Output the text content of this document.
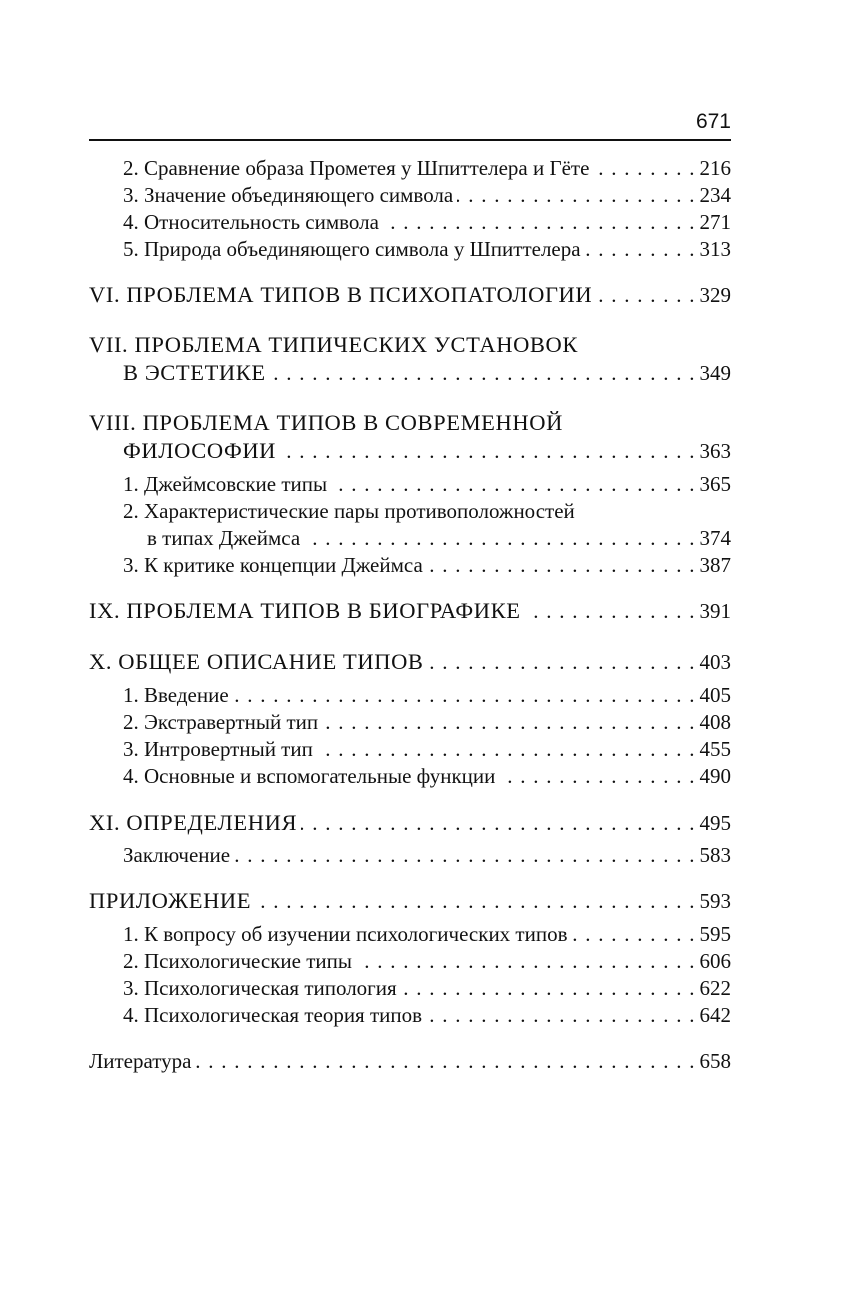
671
2. Сравнение образа Прометея у Шпиттелера и Гёте . . .	216
3. Значение объединяющего символа . . .	234
4. Относительность символа . . .	271
5. Природа объединяющего символа у Шпиттелера . . .	313
VI. ПРОБЛЕМА ТИПОВ В ПСИХОПАТОЛОГИИ . . .	329
VII. ПРОБЛЕМА ТИПИЧЕСКИХ УСТАНОВОК
В ЭСТЕТИКЕ . . .	349
VIII. ПРОБЛЕМА ТИПОВ В СОВРЕМЕННОЙ
ФИЛОСОФИИ . . .	363
1. Джеймсовские типы . . .	365
2. Характеристические пары противоположностей
в типах Джеймса . . .	374
3. К критике концепции Джеймса . . .	387
IX. ПРОБЛЕМА ТИПОВ В БИОГРАФИКЕ . . .	391
X. ОБЩЕЕ ОПИСАНИЕ ТИПОВ . . .	403
1. Введение . . .	405
2. Экстравертный тип . . .	408
3. Интровертный тип . . .	455
4. Основные и вспомогательные функции . . .	490
XI. ОПРЕДЕЛЕНИЯ . . .	495
Заключение . . .	583
ПРИЛОЖЕНИЕ . . .	593
1. К вопросу об изучении психологических типов . . .	595
2. Психологические типы . . .	606
3. Психологическая типология . . .	622
4. Психологическая теория типов . . .	642
Литература . . .	658
